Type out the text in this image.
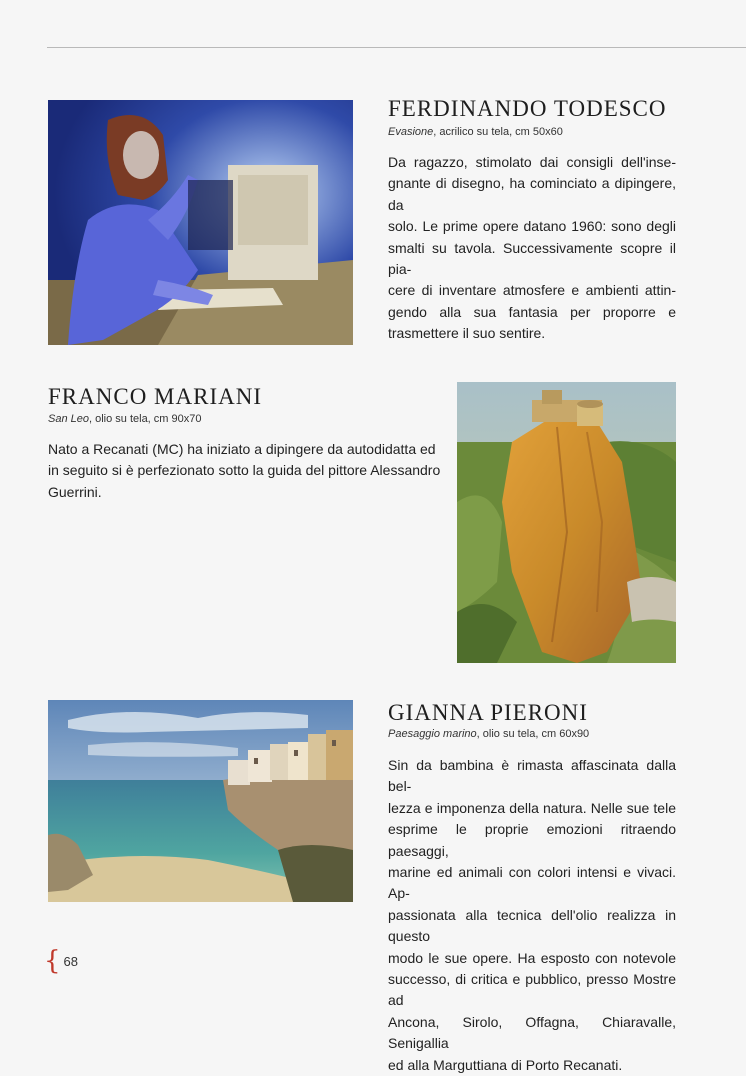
FERDINANDO TODESCO
Evasione, acrilico su tela, cm 50x60
Da ragazzo, stimolato dai consigli dell'inse-
gnante di disegno, ha cominciato a dipingere, da
solo. Le prime opere datano 1960: sono degli
smalti su tavola. Successivamente scopre il pia-
cere di inventare atmosfere e ambienti attin-
gendo alla sua fantasia per proporre e
trasmettere il suo sentire.
FRANCO MARIANI
San Leo, olio su tela, cm 90x70
Nato a Recanati (MC) ha iniziato a dipingere da autodidatta ed
in seguito si è perfezionato sotto la guida del pittore Alessandro
Guerrini.
GIANNA PIERONI
Paesaggio marino, olio su tela, cm 60x90
Sin da bambina è rimasta affascinata dalla bel-
lezza e imponenza della natura. Nelle sue tele
esprime le proprie emozioni ritraendo paesaggi,
marine ed animali con colori intensi e vivaci. Ap-
passionata alla tecnica dell'olio realizza in questo
modo le sue opere. Ha esposto con notevole
successo, di critica e pubblico, presso Mostre ad
Ancona, Sirolo, Offagna, Chiaravalle, Senigallia
ed alla Marguttiana di Porto Recanati.
{ 68
